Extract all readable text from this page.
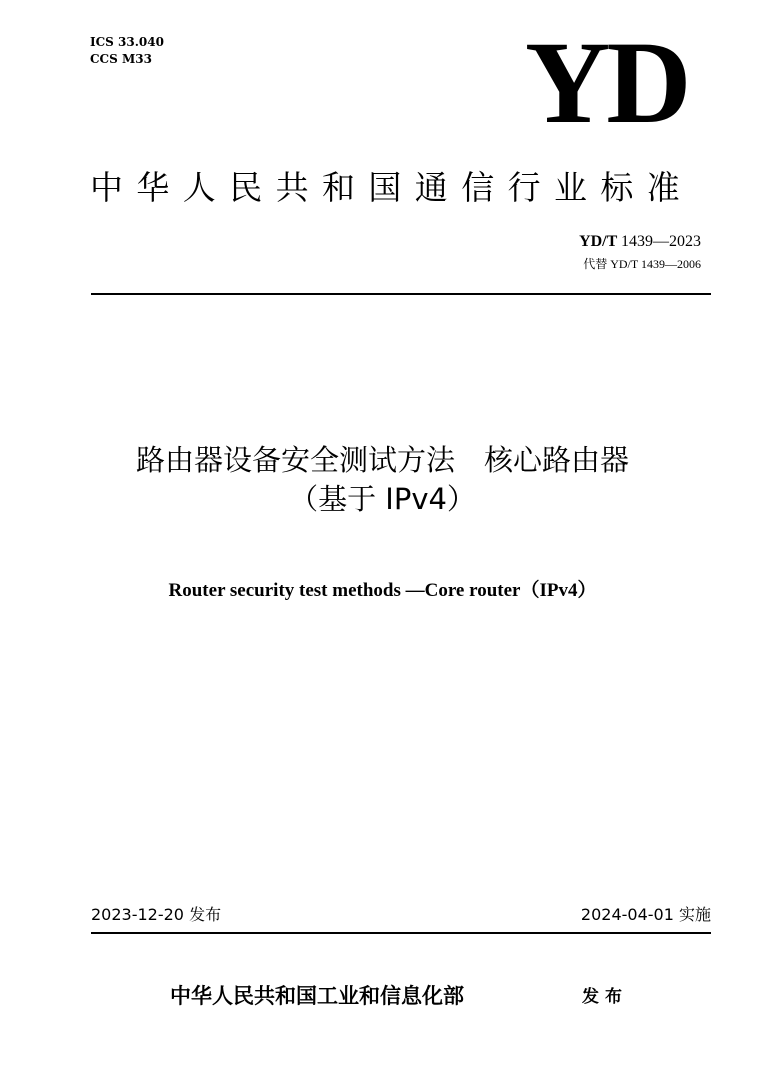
ICS 33.040
CCS M33	YD
中华人民共和国通信行业标准
YD/T 1439—2023
代替 YD/T 1439—2006
路由器设备安全测试方法　核心路由器
（基于 IPv4）
Router security test methods —Core router（IPv4）
2023-12-20 发布	2024-04-01 实施
中华人民共和国工业和信息化部	发布
